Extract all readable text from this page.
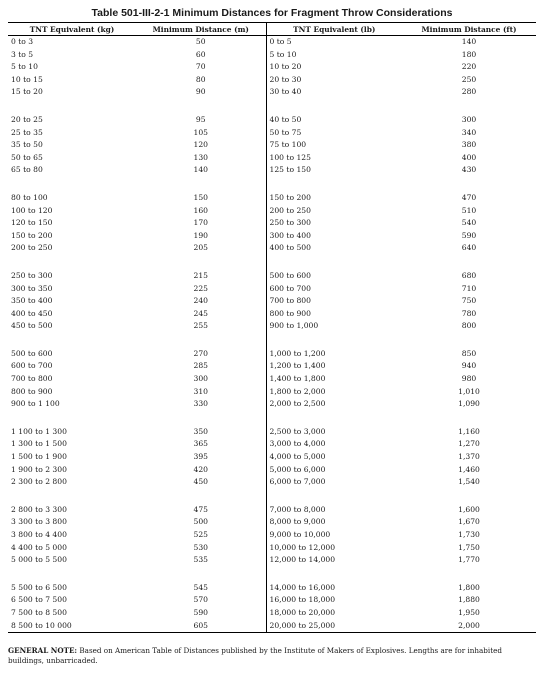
Table 501-III-2-1 Minimum Distances for Fragment Throw Considerations
TNT Equivalent (kg)	Minimum Distance (m)	TNT Equivalent (lb)	Minimum Distance (ft)
0 to 3	50	0 to 5	140
3 to 5	60	5 to 10	180
5 to 10	70	10 to 20	220
10 to 15	80	20 to 30	250
15 to 20	90	30 to 40	280

20 to 25	95	40 to 50	300
25 to 35	105	50 to 75	340
35 to 50	120	75 to 100	380
50 to 65	130	100 to 125	400
65 to 80	140	125 to 150	430

80 to 100	150	150 to 200	470
100 to 120	160	200 to 250	510
120 to 150	170	250 to 300	540
150 to 200	190	300 to 400	590
200 to 250	205	400 to 500	640

250 to 300	215	500 to 600	680
300 to 350	225	600 to 700	710
350 to 400	240	700 to 800	750
400 to 450	245	800 to 900	780
450 to 500	255	900 to 1,000	800

500 to 600	270	1,000 to 1,200	850
600 to 700	285	1,200 to 1,400	940
700 to 800	300	1,400 to 1,800	980
800 to 900	310	1,800 to 2,000	1,010
900 to 1 100	330	2,000 to 2,500	1,090

1 100 to 1 300	350	2,500 to 3,000	1,160
1 300 to 1 500	365	3,000 to 4,000	1,270
1 500 to 1 900	395	4,000 to 5,000	1,370
1 900 to 2 300	420	5,000 to 6,000	1,460
2 300 to 2 800	450	6,000 to 7,000	1,540

2 800 to 3 300	475	7,000 to 8,000	1,600
3 300 to 3 800	500	8,000 to 9,000	1,670
3 800 to 4 400	525	9,000 to 10,000	1,730
4 400 to 5 000	530	10,000 to 12,000	1,750
5 000 to 5 500	535	12,000 to 14,000	1,770

5 500 to 6 500	545	14,000 to 16,000	1,800
6 500 to 7 500	570	16,000 to 18,000	1,880
7 500 to 8 500	590	18,000 to 20,000	1,950
8 500 to 10 000	605	20,000 to 25,000	2,000
GENERAL NOTE: Based on American Table of Distances published by the Institute of Makers of Explosives. Lengths are for inhabited buildings, unbarricaded.
